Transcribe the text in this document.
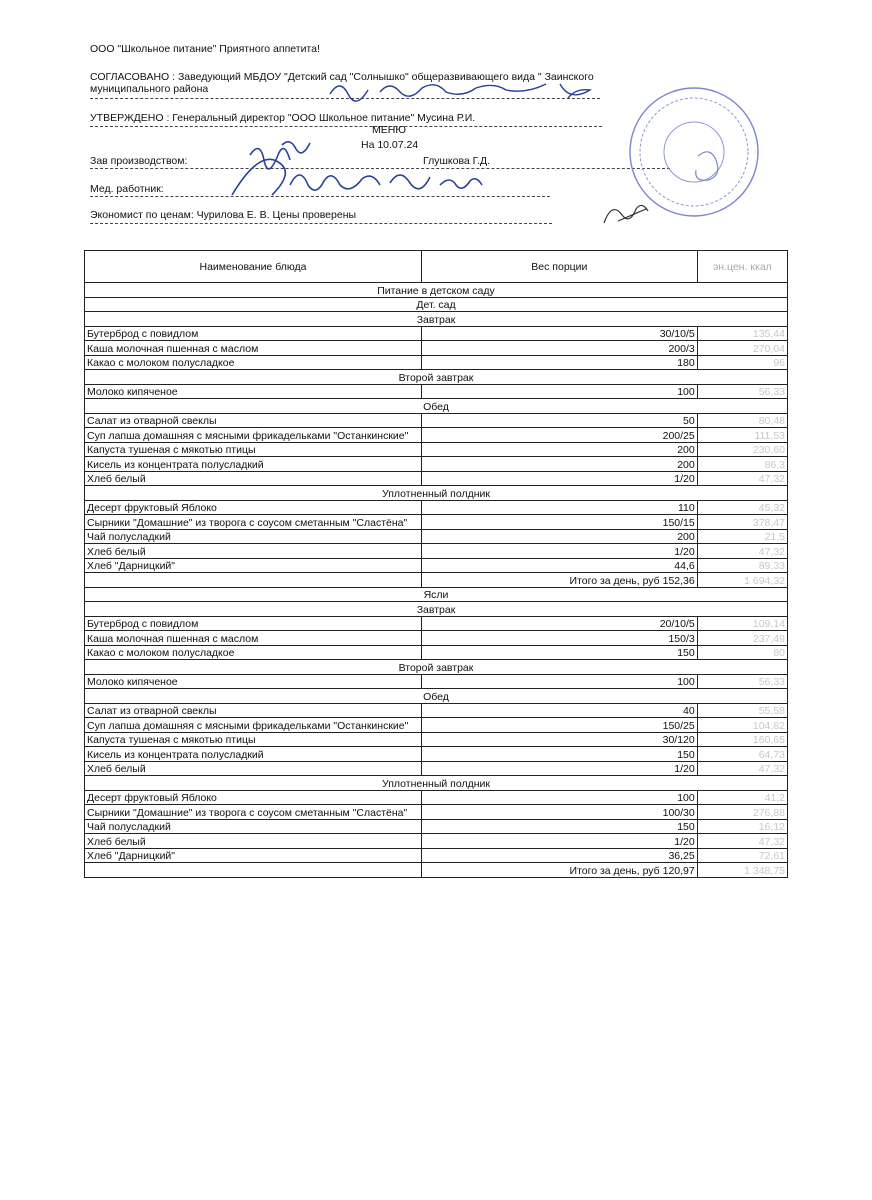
ООО "Школьное питание" Приятного аппетита!
СОГЛАСОВАНО : Заведующий МБДОУ "Детский сад "Солнышко" общеразвивающего вида " Заинского
муниципального района
УТВЕРЖДЕНО : Генеральный директор "ООО Школьное питание" Мусина Р.И.
МЕНЮ
На 10.07.24
Зав производством:	Глушкова Г.Д.
Мед. работник:
Экономист по ценам: Чурилова Е. В. Цены проверены
Наименование блюда	Вес порции	эн.цен. ккал
Питание в детском саду		
Дет. сад		
Завтрак		
Бутерброд с повидлом	30/10/5	135,44
Каша молочная пшенная с маслом	200/3	270,04
Какао с молоком полусладкое	180	96
Второй завтрак		
Молоко кипяченое	100	56,33
Обед		
Салат из отварной свеклы	50	80,48
Суп лапша домашняя с мясными фрикадельками "Останкинские"	200/25	111,53
Капуста тушеная с мякотью птицы	200	230,60
Кисель из концентрата полусладкий	200	86,3
Хлеб белый	1/20	47,32
Уплотненный полдник		
Десерт фруктовый Яблоко	110	45,32
Сырники "Домашние" из творога с соусом сметанным "Сластёна"	150/15	378,47
Чай полусладкий	200	21,5
Хлеб белый	1/20	47,32
Хлеб "Дарницкий"	44,6	89,33
	Итого за день, руб 152,36	1 694,32
Ясли		
Завтрак		
Бутерброд с повидлом	20/10/5	109,14
Каша молочная пшенная с маслом	150/3	237,49
Какао с молоком полусладкое	150	80
Второй завтрак		
Молоко кипяченое	100	56,33
Обед		
Салат из отварной свеклы	40	55,58
Суп лапша домашняя с мясными фрикадельками "Останкинские"	150/25	104,82
Капуста тушеная с мякотью птицы	30/120	160,65
Кисель из концентрата полусладкий	150	64,73
Хлеб белый	1/20	47,32
Уплотненный полдник		
Десерт фруктовый Яблоко	100	41,2
Сырники "Домашние" из творога с соусом сметанным "Сластёна"	100/30	276,88
Чай полусладкий	150	16,12
Хлеб белый	1/20	47,32
Хлеб "Дарницкий"	36,25	72,61
	Итого за день, руб 120,97	1 348,75
